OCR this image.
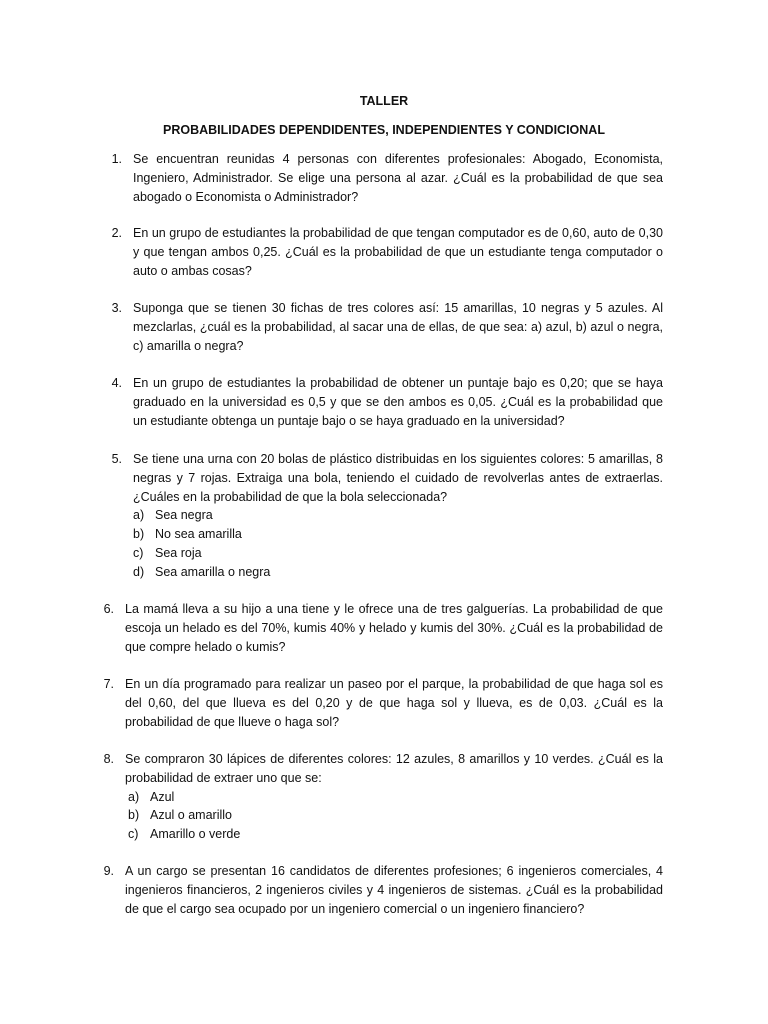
TALLER
PROBABILIDADES DEPENDIDENTES, INDEPENDIENTES Y CONDICIONAL
1. Se encuentran reunidas 4 personas con diferentes profesionales: Abogado, Economista, Ingeniero, Administrador. Se elige una persona al azar. ¿Cuál es la probabilidad de que sea abogado o Economista o Administrador?

2. En un grupo de estudiantes la probabilidad de que tengan computador es de 0,60, auto de 0,30 y que tengan ambos 0,25. ¿Cuál es la probabilidad de que un estudiante tenga computador o auto o ambas cosas?

3. Suponga que se tienen 30 fichas de tres colores así: 15 amarillas, 10 negras y 5 azules. Al mezclarlas, ¿cuál es la probabilidad, al sacar una de ellas, de que sea: a) azul, b) azul o negra, c) amarilla o negra?

4. En un grupo de estudiantes la probabilidad de obtener un puntaje bajo es 0,20; que se haya graduado en la universidad es 0,5 y que se den ambos es 0,05. ¿Cuál es la probabilidad que un estudiante obtenga un puntaje bajo o se haya graduado en la universidad?

5. Se tiene una urna con 20 bolas de plástico distribuidas en los siguientes colores: 5 amarillas, 8 negras y 7 rojas. Extraiga una bola, teniendo el cuidado de revolverlas antes de extraerlas. ¿Cuáles en la probabilidad de que la bola seleccionada?

a) Sea negra
b) No sea amarilla
c) Sea roja
d) Sea amarilla o negra
6. La mamá lleva a su hijo a una tiene y le ofrece una de tres galguerías. La probabilidad de que escoja un helado es del 70%, kumis 40% y helado y kumis del 30%. ¿Cuál es la probabilidad de que compre helado o kumis?

7. En un día programado para realizar un paseo por el parque, la probabilidad de que haga sol es del 0,60, del que llueva es del 0,20 y de que haga sol y llueva, es de 0,03. ¿Cuál es la probabilidad de que llueve o haga sol?

8. Se compraron 30 lápices de diferentes colores: 12 azules, 8 amarillos y 10 verdes. ¿Cuál es la probabilidad de extraer uno que se:

a) Azul
b) Azul o amarillo
c) Amarillo o verde
9. A un cargo se presentan 16 candidatos de diferentes profesiones; 6 ingenieros comerciales, 4 ingenieros financieros, 2 ingenieros civiles y 4 ingenieros de sistemas. ¿Cuál es la probabilidad de que el cargo sea ocupado por un ingeniero comercial o un ingeniero financiero?
